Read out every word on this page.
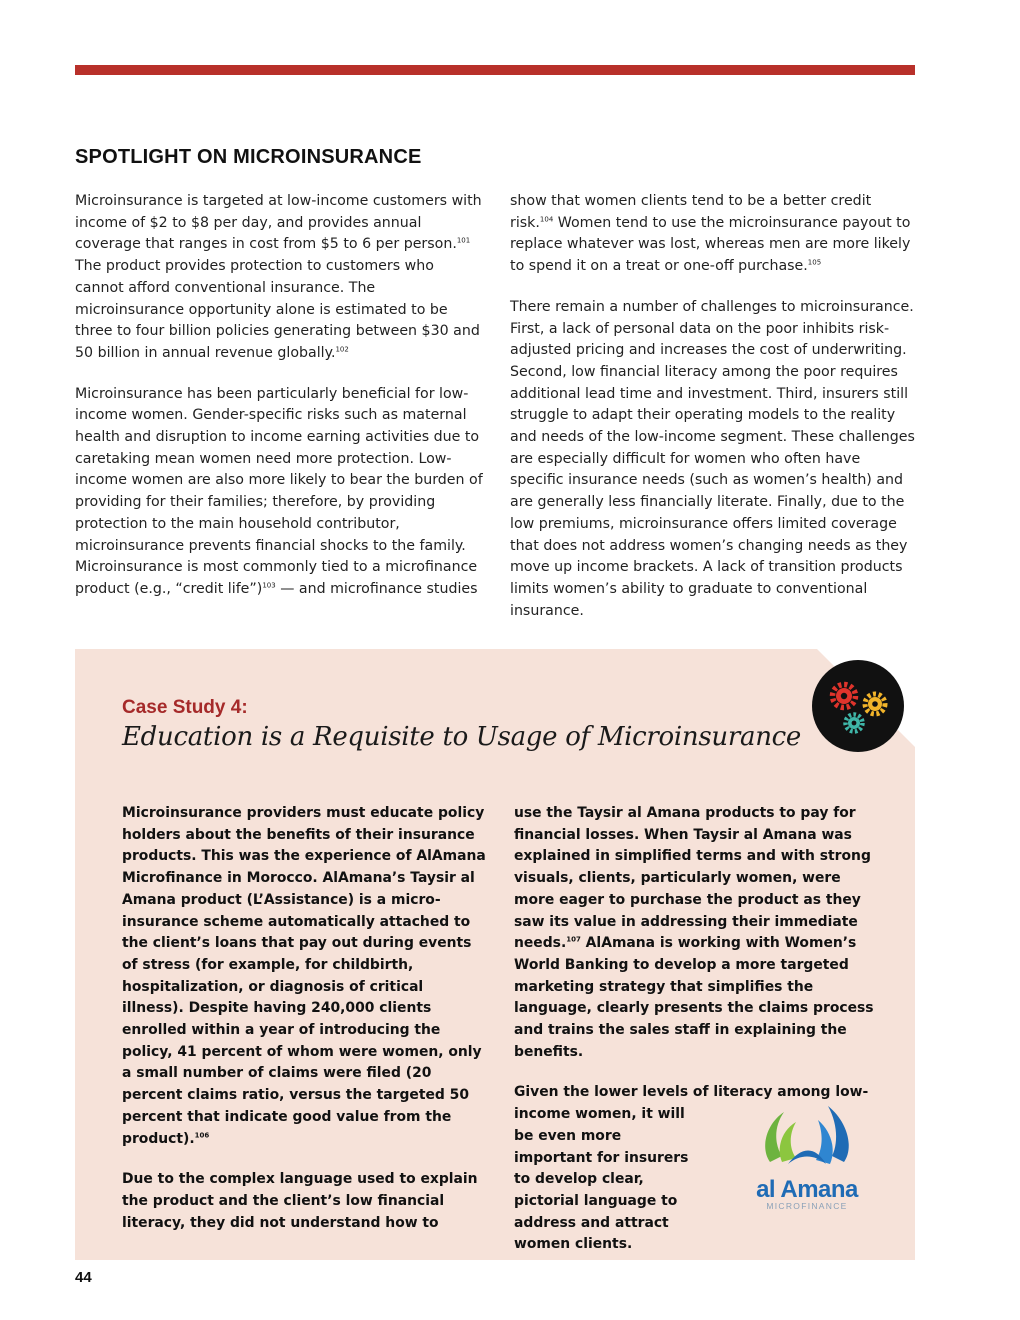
SPOTLIGHT ON MICROINSURANCE

Microinsurance is targeted at low-income customers with income of $2 to $8 per day, and provides annual coverage that ranges in cost from $5 to 6 per person.$^{101}$ The product provides protection to customers who cannot afford conventional insurance. The microinsurance opportunity alone is estimated to be three to four billion policies generating between $30 and 50 billion in annual revenue globally.$^{102}$

Microinsurance has been particularly beneficial for low-income women. Gender-specific risks such as maternal health and disruption to income earning activities due to caretaking mean women need more protection. Low-income women are also more likely to bear the burden of providing for their families; therefore, by providing protection to the main household contributor, microinsurance prevents financial shocks to the family. Microinsurance is most commonly tied to a microfinance product (e.g., “credit life”)$^{103}$ — and microfinance studies

show that women clients tend to be a better credit risk.$^{104}$ Women tend to use the microinsurance payout to replace whatever was lost, whereas men are more likely to spend it on a treat or one-off purchase.$^{105}$

There remain a number of challenges to microinsurance. First, a lack of personal data on the poor inhibits risk-adjusted pricing and increases the cost of underwriting. Second, low financial literacy among the poor requires additional lead time and investment. Third, insurers still struggle to adapt their operating models to the reality and needs of the low-income segment. These challenges are especially difficult for women who often have specific insurance needs (such as women’s health) and are generally less financially literate. Finally, due to the low premiums, microinsurance offers limited coverage that does not address women’s changing needs as they move up income brackets. A lack of transition products limits women’s ability to graduate to conventional insurance.

Case Study 4:
Education is a Requisite to Usage of Microinsurance

Microinsurance providers must educate policy holders about the benefits of their insurance products. This was the experience of AlAmana Microfinance in Morocco. AlAmana’s Taysir al Amana product (L’Assistance) is a micro-insurance scheme automatically attached to the client’s loans that pay out during events of stress (for example, for childbirth, hospitalization, or diagnosis of critical illness). Despite having 240,000 clients enrolled within a year of introducing the policy, 41 percent of whom were women, only a small number of claims were filed (20 percent claims ratio, versus the targeted 50 percent that indicate good value from the product).$^{106}$

Due to the complex language used to explain the product and the client’s low financial literacy, they did not understand how to

use the Taysir al Amana products to pay for financial losses. When Taysir al Amana was explained in simplified terms and with strong visuals, clients, particularly women, were more eager to purchase the product as they saw its value in addressing their immediate needs.$^{107}$ AlAmana is working with Women’s World Banking to develop a more targeted marketing strategy that simplifies the language, clearly presents the claims process and trains the sales staff in explaining the benefits.

Given the lower levels of literacy among low-income women, it will

be even more important for insurers to develop clear, pictorial language to address and attract women clients.
al Amana
MICROFINANCE
44
